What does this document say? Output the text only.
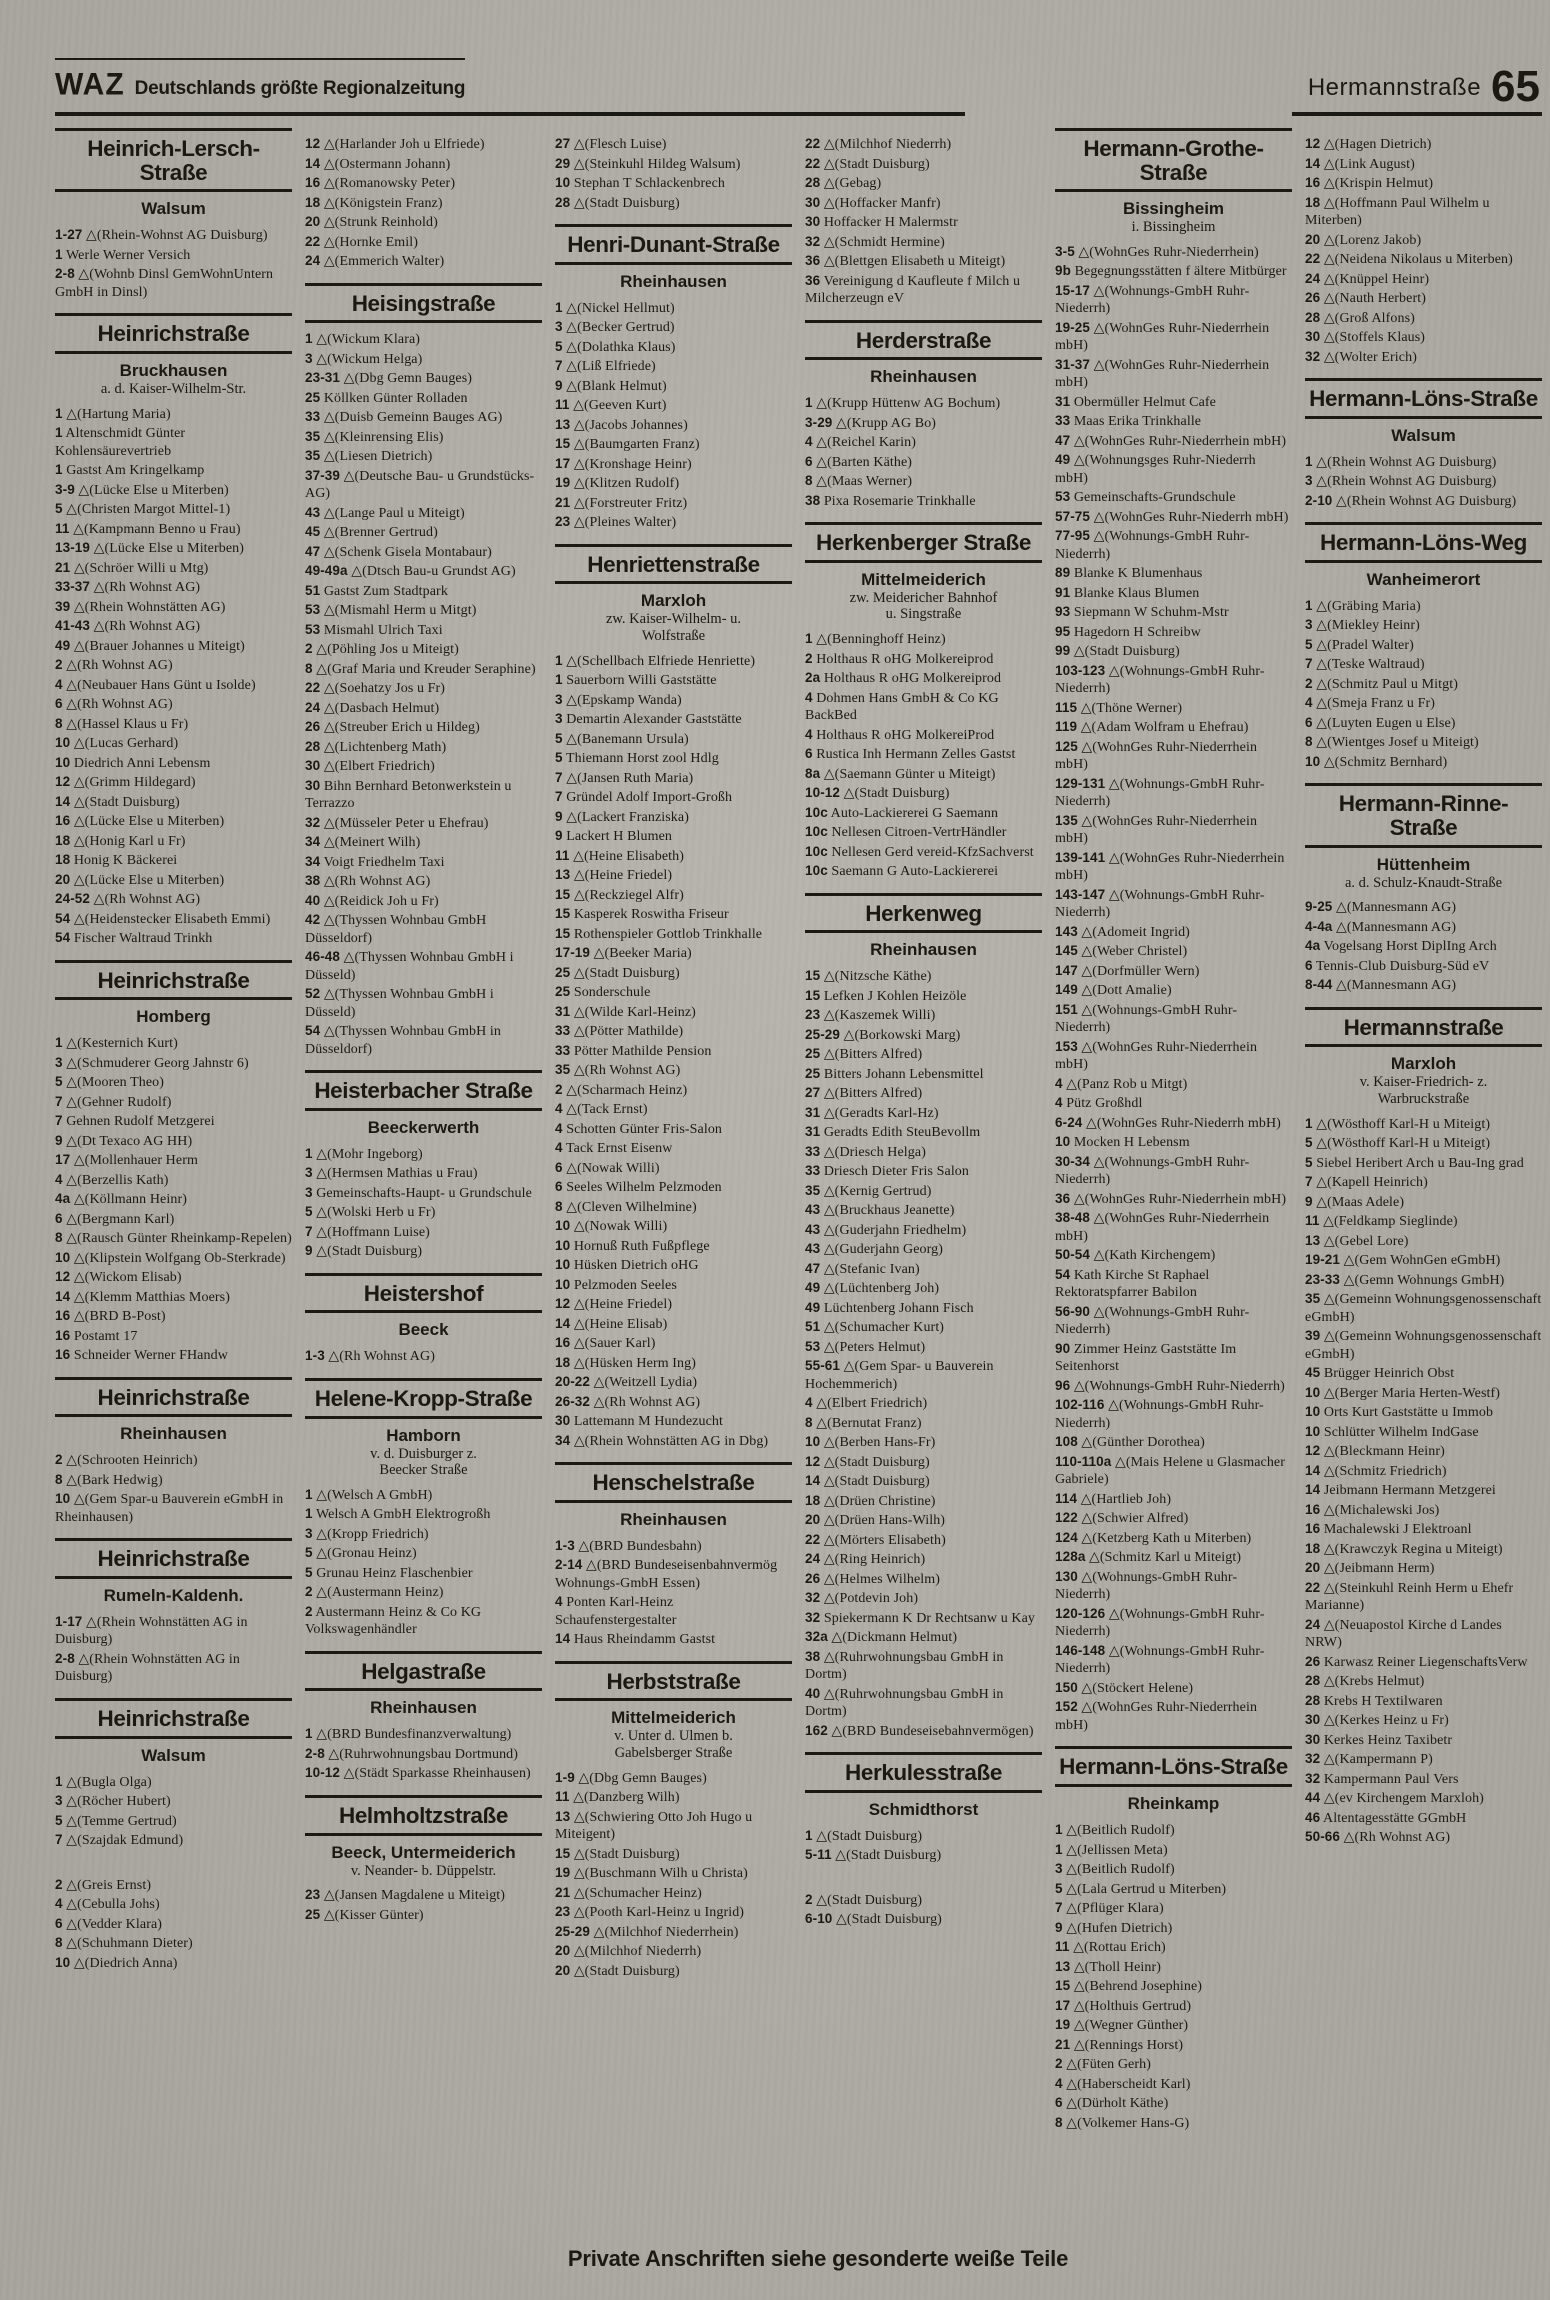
WAZ Deutschlands größte Regionalzeitung	Hermannstraße 65
Heinrich-Lersch-Straße
Walsum
1-27 △(Rhein-Wohnst AG Duisburg)
1 Werle Werner Versich
2-8 △(Wohnb Dinsl GemWohnUntern GmbH in Dinsl)
Heinrichstraße
Bruckhausen
a. d. Kaiser-Wilhelm-Str.
1 △(Hartung Maria)
1 Altenschmidt Günter Kohlensäurevertrieb
1 Gastst Am Kringelkamp
3-9 △(Lücke Else u Miterben)
5 △(Christen Margot Mittel-1)
11 △(Kampmann Benno u Frau)
13-19 △(Lücke Else u Miterben)
21 △(Schröer Willi u Mtg)
33-37 △(Rh Wohnst AG)
39 △(Rhein Wohnstätten AG)
41-43 △(Rh Wohnst AG)
49 △(Brauer Johannes u Miteigt)
2 △(Rh Wohnst AG)
4 △(Neubauer Hans Günt u Isolde)
6 △(Rh Wohnst AG)
8 △(Hassel Klaus u Fr)
10 △(Lucas Gerhard)
10 Diedrich Anni Lebensm
12 △(Grimm Hildegard)
14 △(Stadt Duisburg)
16 △(Lücke Else u Miterben)
18 △(Honig Karl u Fr)
18 Honig K Bäckerei
20 △(Lücke Else u Miterben)
24-52 △(Rh Wohnst AG)
54 △(Heidenstecker Elisabeth Emmi)
54 Fischer Waltraud Trinkh
Heinrichstraße
Homberg
1 △(Kesternich Kurt)
3 △(Schmuderer Georg Jahnstr 6)
5 △(Mooren Theo)
7 △(Gehner Rudolf)
7 Gehnen Rudolf Metzgerei
9 △(Dt Texaco AG HH)
17 △(Mollenhauer Herm
4 △(Berzellis Kath)
4a △(Köllmann Heinr)
6 △(Bergmann Karl)
8 △(Rausch Günter Rheinkamp-Repelen)
10 △(Klipstein Wolfgang Ob-Sterkrade)
12 △(Wickom Elisab)
14 △(Klemm Matthias Moers)
16 △(BRD B-Post)
16 Postamt 17
16 Schneider Werner FHandw
Heinrichstraße
Rheinhausen
2 △(Schrooten Heinrich)
8 △(Bark Hedwig)
10 △(Gem Spar-u Bauverein eGmbH in Rheinhausen)
Heinrichstraße
Rumeln-Kaldenh.
1-17 △(Rhein Wohnstätten AG in Duisburg)
2-8 △(Rhein Wohnstätten AG in Duisburg)
Heinrichstraße
Walsum
1 △(Bugla Olga)
3 △(Röcher Hubert)
5 △(Temme Gertrud)
7 △(Szajdak Edmund)
2 △(Greis Ernst)
4 △(Cebulla Johs)
6 △(Vedder Klara)
8 △(Schuhmann Dieter)
10 △(Diedrich Anna)
12 △(Harlander Joh u Elfriede)
14 △(Ostermann Johann)
16 △(Romanowsky Peter)
18 △(Königstein Franz)
20 △(Strunk Reinhold)
22 △(Hornke Emil)
24 △(Emmerich Walter)
Heisingstraße
1 △(Wickum Klara)
3 △(Wickum Helga)
23-31 △(Dbg Gemn Bauges)
25 Köllken Günter Rolladen
33 △(Duisb Gemeinn Bauges AG)
35 △(Kleinrensing Elis)
35 △(Liesen Dietrich)
37-39 △(Deutsche Bau- u Grundstücks-AG)
43 △(Lange Paul u Miteigt)
45 △(Brenner Gertrud)
47 △(Schenk Gisela Montabaur)
49-49a △(Dtsch Bau-u Grundst AG)
51 Gastst Zum Stadtpark
53 △(Mismahl Herm u Mitgt)
53 Mismahl Ulrich Taxi
2 △(Pöhling Jos u Miteigt)
8 △(Graf Maria und Kreuder Seraphine)
22 △(Soehatzy Jos u Fr)
24 △(Dasbach Helmut)
26 △(Streuber Erich u Hildeg)
28 △(Lichtenberg Math)
30 △(Elbert Friedrich)
30 Bihn Bernhard Betonwerkstein u Terrazzo
32 △(Müsseler Peter u Ehefrau)
34 △(Meinert Wilh)
34 Voigt Friedhelm Taxi
38 △(Rh Wohnst AG)
40 △(Reidick Joh u Fr)
42 △(Thyssen Wohnbau GmbH Düsseldorf)
46-48 △(Thyssen Wohnbau GmbH i Düsseld)
52 △(Thyssen Wohnbau GmbH i Düsseld)
54 △(Thyssen Wohnbau GmbH in Düsseldorf)
Heisterbacher Straße
Beeckerwerth
1 △(Mohr Ingeborg)
3 △(Hermsen Mathias u Frau)
3 Gemeinschafts-Haupt- u Grundschule
5 △(Wolski Herb u Fr)
7 △(Hoffmann Luise)
9 △(Stadt Duisburg)
Heistershof
Beeck
1-3 △(Rh Wohnst AG)
Helene-Kropp-Straße
Hamborn
v. d. Duisburger z.
Beecker Straße
1 △(Welsch A GmbH)
1 Welsch A GmbH Elektrogroßh
3 △(Kropp Friedrich)
5 △(Gronau Heinz)
5 Grunau Heinz Flaschenbier
2 △(Austermann Heinz)
2 Austermann Heinz & Co KG Volkswagenhändler
Helgastraße
Rheinhausen
1 △(BRD Bundesfinanzverwaltung)
2-8 △(Ruhrwohnungsbau Dortmund)
10-12 △(Städt Sparkasse Rheinhausen)
Helmholtzstraße
Beeck, Untermeiderich
v. Neander- b. Düppelstr.
23 △(Jansen Magdalene u Miteigt)
25 △(Kisser Günter)
27 △(Flesch Luise)
29 △(Steinkuhl Hildeg Walsum)
10 Stephan T Schlackenbrech
28 △(Stadt Duisburg)
Henri-Dunant-Straße
Rheinhausen
1 △(Nickel Hellmut)
3 △(Becker Gertrud)
5 △(Dolathka Klaus)
7 △(Liß Elfriede)
9 △(Blank Helmut)
11 △(Geeven Kurt)
13 △(Jacobs Johannes)
15 △(Baumgarten Franz)
17 △(Kronshage Heinr)
19 △(Klitzen Rudolf)
21 △(Forstreuter Fritz)
23 △(Pleines Walter)
Henriettenstraße
Marxloh
zw. Kaiser-Wilhelm- u.
Wolfstraße
1 △(Schellbach Elfriede Henriette)
1 Sauerborn Willi Gaststätte
3 △(Epskamp Wanda)
3 Demartin Alexander Gaststätte
5 △(Banemann Ursula)
5 Thiemann Horst zool Hdlg
7 △(Jansen Ruth Maria)
7 Gründel Adolf Import-Großh
9 △(Lackert Franziska)
9 Lackert H Blumen
11 △(Heine Elisabeth)
13 △(Heine Friedel)
15 △(Reckziegel Alfr)
15 Kasperek Roswitha Friseur
15 Rothenspieler Gottlob Trinkhalle
17-19 △(Beeker Maria)
25 △(Stadt Duisburg)
25 Sonderschule
31 △(Wilde Karl-Heinz)
33 △(Pötter Mathilde)
33 Pötter Mathilde Pension
35 △(Rh Wohnst AG)
2 △(Scharmach Heinz)
4 △(Tack Ernst)
4 Schotten Günter Fris-Salon
4 Tack Ernst Eisenw
6 △(Nowak Willi)
6 Seeles Wilhelm Pelzmoden
8 △(Cleven Wilhelmine)
10 △(Nowak Willi)
10 Hornuß Ruth Fußpflege
10 Hüsken Dietrich oHG
10 Pelzmoden Seeles
12 △(Heine Friedel)
14 △(Heine Elisab)
16 △(Sauer Karl)
18 △(Hüsken Herm Ing)
20-22 △(Weitzell Lydia)
26-32 △(Rh Wohnst AG)
30 Lattemann M Hundezucht
34 △(Rhein Wohnstätten AG in Dbg)
Henschelstraße
Rheinhausen
1-3 △(BRD Bundesbahn)
2-14 △(BRD Bundeseisenbahnvermög Wohnungs-GmbH Essen)
4 Ponten Karl-Heinz Schaufenstergestalter
14 Haus Rheindamm Gastst
Herbststraße
Mittelmeiderich
v. Unter d. Ulmen b.
Gabelsberger Straße
1-9 △(Dbg Gemn Bauges)
11 △(Danzberg Wilh)
13 △(Schwiering Otto Joh Hugo u Miteigent)
15 △(Stadt Duisburg)
19 △(Buschmann Wilh u Christa)
21 △(Schumacher Heinz)
23 △(Pooth Karl-Heinz u Ingrid)
25-29 △(Milchhof Niederrhein)
20 △(Milchhof Niederrh)
20 △(Stadt Duisburg)
22 △(Milchhof Niederrh)
22 △(Stadt Duisburg)
28 △(Gebag)
30 △(Hoffacker Manfr)
30 Hoffacker H Malermstr
32 △(Schmidt Hermine)
36 △(Blettgen Elisabeth u Miteigt)
36 Vereinigung d Kaufleute f Milch u Milcherzeugn eV
Herderstraße
Rheinhausen
1 △(Krupp Hüttenw AG Bochum)
3-29 △(Krupp AG Bo)
4 △(Reichel Karin)
6 △(Barten Käthe)
8 △(Maas Werner)
38 Pixa Rosemarie Trinkhalle
Herkenberger Straße
Mittelmeiderich
zw. Meidericher Bahnhof
u. Singstraße
1 △(Benninghoff Heinz)
2 Holthaus R oHG Molkereiprod
2a Holthaus R oHG Molkereiprod
4 Dohmen Hans GmbH & Co KG BackBed
4 Holthaus R oHG MolkereiProd
6 Rustica Inh Hermann Zelles Gastst
8a △(Saemann Günter u Miteigt)
10-12 △(Stadt Duisburg)
10c Auto-Lackiererei G Saemann
10c Nellesen Citroen-VertrHändler
10c Nellesen Gerd vereid-KfzSachverst
10c Saemann G Auto-Lackiererei
Herkenweg
Rheinhausen
15 △(Nitzsche Käthe)
15 Lefken J Kohlen Heizöle
23 △(Kaszemek Willi)
25-29 △(Borkowski Marg)
25 △(Bitters Alfred)
25 Bitters Johann Lebensmittel
27 △(Bitters Alfred)
31 △(Geradts Karl-Hz)
31 Geradts Edith SteuBevollm
33 △(Driesch Helga)
33 Driesch Dieter Fris Salon
35 △(Kernig Gertrud)
43 △(Bruckhaus Jeanette)
43 △(Guderjahn Friedhelm)
43 △(Guderjahn Georg)
47 △(Stefanic Ivan)
49 △(Lüchtenberg Joh)
49 Lüchtenberg Johann Fisch
51 △(Schumacher Kurt)
53 △(Peters Helmut)
55-61 △(Gem Spar- u Bauverein Hochemmerich)
4 △(Elbert Friedrich)
8 △(Bernutat Franz)
10 △(Berben Hans-Fr)
12 △(Stadt Duisburg)
14 △(Stadt Duisburg)
18 △(Drüen Christine)
20 △(Drüen Hans-Wilh)
22 △(Mörters Elisabeth)
24 △(Ring Heinrich)
26 △(Helmes Wilhelm)
32 △(Potdevin Joh)
32 Spiekermann K Dr Rechtsanw u Kay
32a △(Dickmann Helmut)
38 △(Ruhrwohnungsbau GmbH in Dortm)
40 △(Ruhrwohnungsbau GmbH in Dortm)
162 △(BRD Bundeseisebahnvermögen)
Herkulesstraße
Schmidthorst
1 △(Stadt Duisburg)
5-11 △(Stadt Duisburg)
2 △(Stadt Duisburg)
6-10 △(Stadt Duisburg)
Hermann-Grothe-Straße
Bissingheim
i. Bissingheim
3-5 △(WohnGes Ruhr-Niederrhein)
9b Begegnungsstätten f ältere Mitbürger
15-17 △(Wohnungs-GmbH Ruhr-Niederrh)
19-25 △(WohnGes Ruhr-Niederrhein mbH)
31-37 △(WohnGes Ruhr-Niederrhein mbH)
31 Obermüller Helmut Cafe
33 Maas Erika Trinkhalle
47 △(WohnGes Ruhr-Niederrhein mbH)
49 △(Wohnungsges Ruhr-Niederrh mbH)
53 Gemeinschafts-Grundschule
57-75 △(WohnGes Ruhr-Niederrh mbH)
77-95 △(Wohnungs-GmbH Ruhr-Niederrh)
89 Blanke K Blumenhaus
91 Blanke Klaus Blumen
93 Siepmann W Schuhm-Mstr
95 Hagedorn H Schreibw
99 △(Stadt Duisburg)
103-123 △(Wohnungs-GmbH Ruhr-Niederrh)
115 △(Thöne Werner)
119 △(Adam Wolfram u Ehefrau)
125 △(WohnGes Ruhr-Niederrhein mbH)
129-131 △(Wohnungs-GmbH Ruhr-Niederrh)
135 △(WohnGes Ruhr-Niederrhein mbH)
139-141 △(WohnGes Ruhr-Niederrhein mbH)
143-147 △(Wohnungs-GmbH Ruhr-Niederrh)
143 △(Adomeit Ingrid)
145 △(Weber Christel)
147 △(Dorfmüller Wern)
149 △(Dott Amalie)
151 △(Wohnungs-GmbH Ruhr-Niederrh)
153 △(WohnGes Ruhr-Niederrhein mbH)
4 △(Panz Rob u Mitgt)
4 Pütz Großhdl
6-24 △(WohnGes Ruhr-Niederrh mbH)
10 Mocken H Lebensm
30-34 △(Wohnungs-GmbH Ruhr-Niederrh)
36 △(WohnGes Ruhr-Niederrhein mbH)
38-48 △(WohnGes Ruhr-Niederrhein mbH)
50-54 △(Kath Kirchengem)
54 Kath Kirche St Raphael Rektoratspfarrer Babilon
56-90 △(Wohnungs-GmbH Ruhr-Niederrh)
90 Zimmer Heinz Gaststätte Im Seitenhorst
96 △(Wohnungs-GmbH Ruhr-Niederrh)
102-116 △(Wohnungs-GmbH Ruhr-Niederrh)
108 △(Günther Dorothea)
110-110a △(Mais Helene u Glasmacher Gabriele)
114 △(Hartlieb Joh)
122 △(Schwier Alfred)
124 △(Ketzberg Kath u Miterben)
128a △(Schmitz Karl u Miteigt)
130 △(Wohnungs-GmbH Ruhr-Niederrh)
120-126 △(Wohnungs-GmbH Ruhr-Niederrh)
146-148 △(Wohnungs-GmbH Ruhr-Niederrh)
150 △(Stöckert Helene)
152 △(WohnGes Ruhr-Niederrhein mbH)
Hermann-Löns-Straße
Rheinkamp
1 △(Beitlich Rudolf)
1 △(Jellissen Meta)
3 △(Beitlich Rudolf)
5 △(Lala Gertrud u Miterben)
7 △(Pflüger Klara)
9 △(Hufen Dietrich)
11 △(Rottau Erich)
13 △(Tholl Heinr)
15 △(Behrend Josephine)
17 △(Holthuis Gertrud)
19 △(Wegner Günther)
21 △(Rennings Horst)
2 △(Füten Gerh)
4 △(Haberscheidt Karl)
6 △(Dürholt Käthe)
8 △(Volkemer Hans-G)
12 △(Hagen Dietrich)
14 △(Link August)
16 △(Krispin Helmut)
18 △(Hoffmann Paul Wilhelm u Miterben)
20 △(Lorenz Jakob)
22 △(Neidena Nikolaus u Miterben)
24 △(Knüppel Heinr)
26 △(Nauth Herbert)
28 △(Groß Alfons)
30 △(Stoffels Klaus)
32 △(Wolter Erich)
Hermann-Löns-Straße
Walsum
1 △(Rhein Wohnst AG Duisburg)
3 △(Rhein Wohnst AG Duisburg)
2-10 △(Rhein Wohnst AG Duisburg)
Hermann-Löns-Weg
Wanheimerort
1 △(Gräbing Maria)
3 △(Miekley Heinr)
5 △(Pradel Walter)
7 △(Teske Waltraud)
2 △(Schmitz Paul u Mitgt)
4 △(Smeja Franz u Fr)
6 △(Luyten Eugen u Else)
8 △(Wientges Josef u Miteigt)
10 △(Schmitz Bernhard)
Hermann-Rinne-Straße
Hüttenheim
a. d. Schulz-Knaudt-Straße
9-25 △(Mannesmann AG)
4-4a △(Mannesmann AG)
4a Vogelsang Horst DiplIng Arch
6 Tennis-Club Duisburg-Süd eV
8-44 △(Mannesmann AG)
Hermannstraße
Marxloh
v. Kaiser-Friedrich- z.
Warbruckstraße
1 △(Wösthoff Karl-H u Miteigt)
5 △(Wösthoff Karl-H u Miteigt)
5 Siebel Heribert Arch u Bau-Ing grad
7 △(Kapell Heinrich)
9 △(Maas Adele)
11 △(Feldkamp Sieglinde)
13 △(Gebel Lore)
19-21 △(Gem WohnGen eGmbH)
23-33 △(Gemn Wohnungs GmbH)
35 △(Gemeinn Wohnungsgenossenschaft eGmbH)
39 △(Gemeinn Wohnungsgenossenschaft eGmbH)
45 Brügger Heinrich Obst
10 △(Berger Maria Herten-Westf)
10 Orts Kurt Gaststätte u Immob
10 Schlütter Wilhelm IndGase
12 △(Bleckmann Heinr)
14 △(Schmitz Friedrich)
14 Jeibmann Hermann Metzgerei
16 △(Michalewski Jos)
16 Machalewski J Elektroanl
18 △(Krawczyk Regina u Miteigt)
20 △(Jeibmann Herm)
22 △(Steinkuhl Reinh Herm u Ehefr Marianne)
24 △(Neuapostol Kirche d Landes NRW)
26 Karwasz Reiner LiegenschaftsVerw
28 △(Krebs Helmut)
28 Krebs H Textilwaren
30 △(Kerkes Heinz u Fr)
30 Kerkes Heinz Taxibetr
32 △(Kampermann P)
32 Kampermann Paul Vers
44 △(ev Kirchengem Marxloh)
46 Altentagesstätte GGmbH
50-66 △(Rh Wohnst AG)
Private Anschriften siehe gesonderte weiße Teile
